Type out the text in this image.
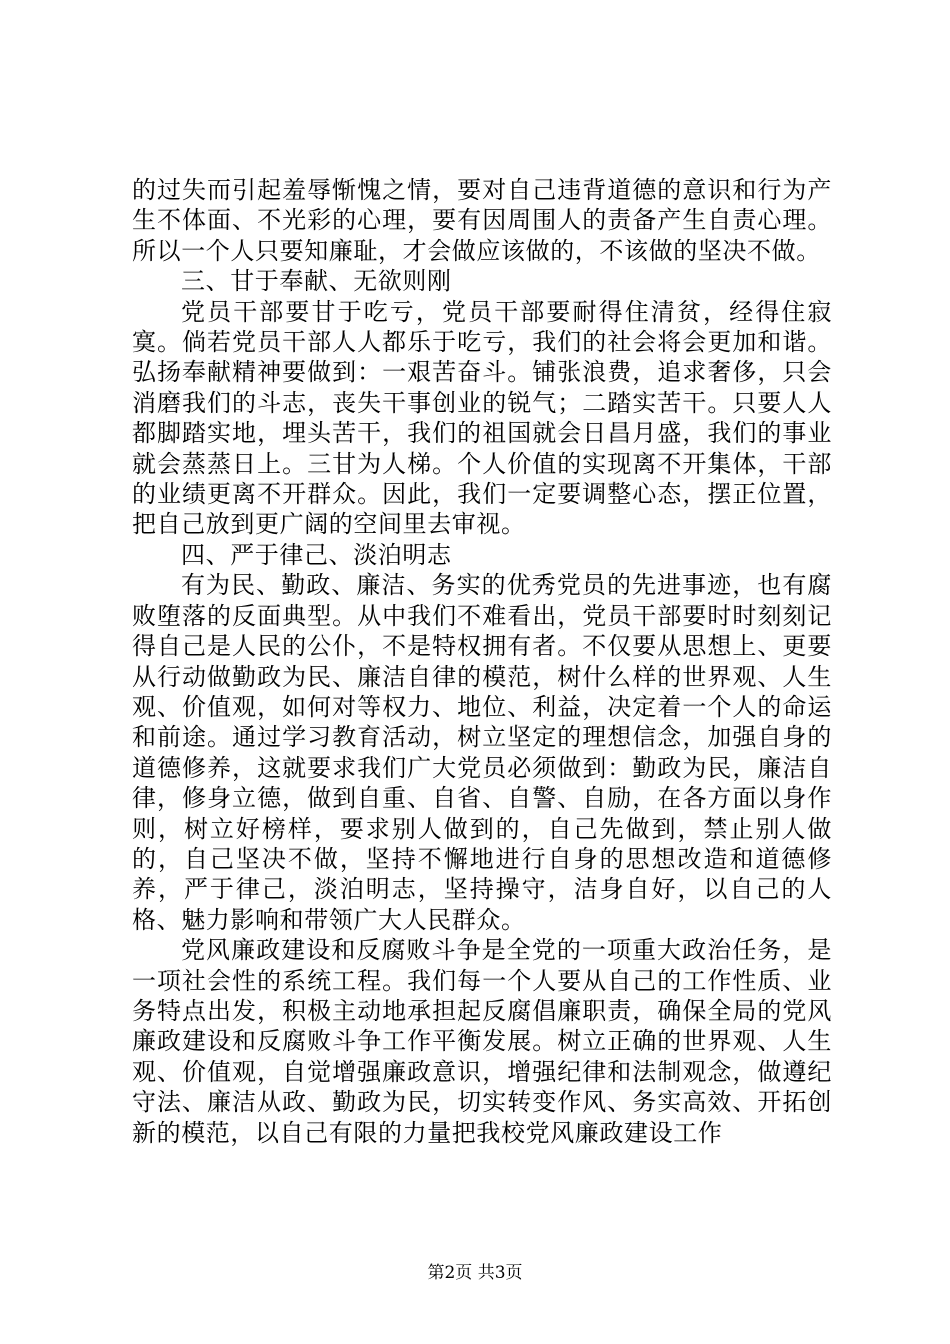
的过失而引起羞辱惭愧之情，要对自己违背道德的意识和行为产生不体面、不光彩的心理，要有因周围人的责备产生自责心理。所以一个人只要知廉耻，才会做应该做的，不该做的坚决不做。

三、甘于奉献、无欲则刚

党员干部要甘于吃亏，党员干部要耐得住清贫，经得住寂寞。倘若党员干部人人都乐于吃亏，我们的社会将会更加和谐。弘扬奉献精神要做到：一艰苦奋斗。铺张浪费，追求奢侈，只会消磨我们的斗志，丧失干事创业的锐气；二踏实苦干。只要人人都脚踏实地，埋头苦干，我们的祖国就会日昌月盛，我们的事业就会蒸蒸日上。三甘为人梯。个人价值的实现离不开集体，干部的业绩更离不开群众。因此，我们一定要调整心态，摆正位置，把自己放到更广阔的空间里去审视。

四、严于律己、淡泊明志

有为民、勤政、廉洁、务实的优秀党员的先进事迹，也有腐败堕落的反面典型。从中我们不难看出，党员干部要时时刻刻记得自己是人民的公仆，不是特权拥有者。不仅要从思想上、更要从行动做勤政为民、廉洁自律的模范，树什么样的世界观、人生观、价值观，如何对等权力、地位、利益，决定着一个人的命运和前途。通过学习教育活动，树立坚定的理想信念，加强自身的道德修养，这就要求我们广大党员必须做到：勤政为民，廉洁自律，修身立德，做到自重、自省、自警、自励，在各方面以身作则，树立好榜样，要求别人做到的，自己先做到，禁止别人做的，自己坚决不做，坚持不懈地进行自身的思想改造和道德修养，严于律己，淡泊明志，坚持操守，洁身自好，以自己的人格、魅力影响和带领广大人民群众。

党风廉政建设和反腐败斗争是全党的一项重大政治任务，是一项社会性的系统工程。我们每一个人要从自己的工作性质、业务特点出发，积极主动地承担起反腐倡廉职责，确保全局的党风廉政建设和反腐败斗争工作平衡发展。树立正确的世界观、人生观、价值观，自觉增强廉政意识，增强纪律和法制观念，做遵纪守法、廉洁从政、勤政为民，切实转变作风、务实高效、开拓创新的模范，以自己有限的力量把我校党风廉政建设工作

第2页 共3页
